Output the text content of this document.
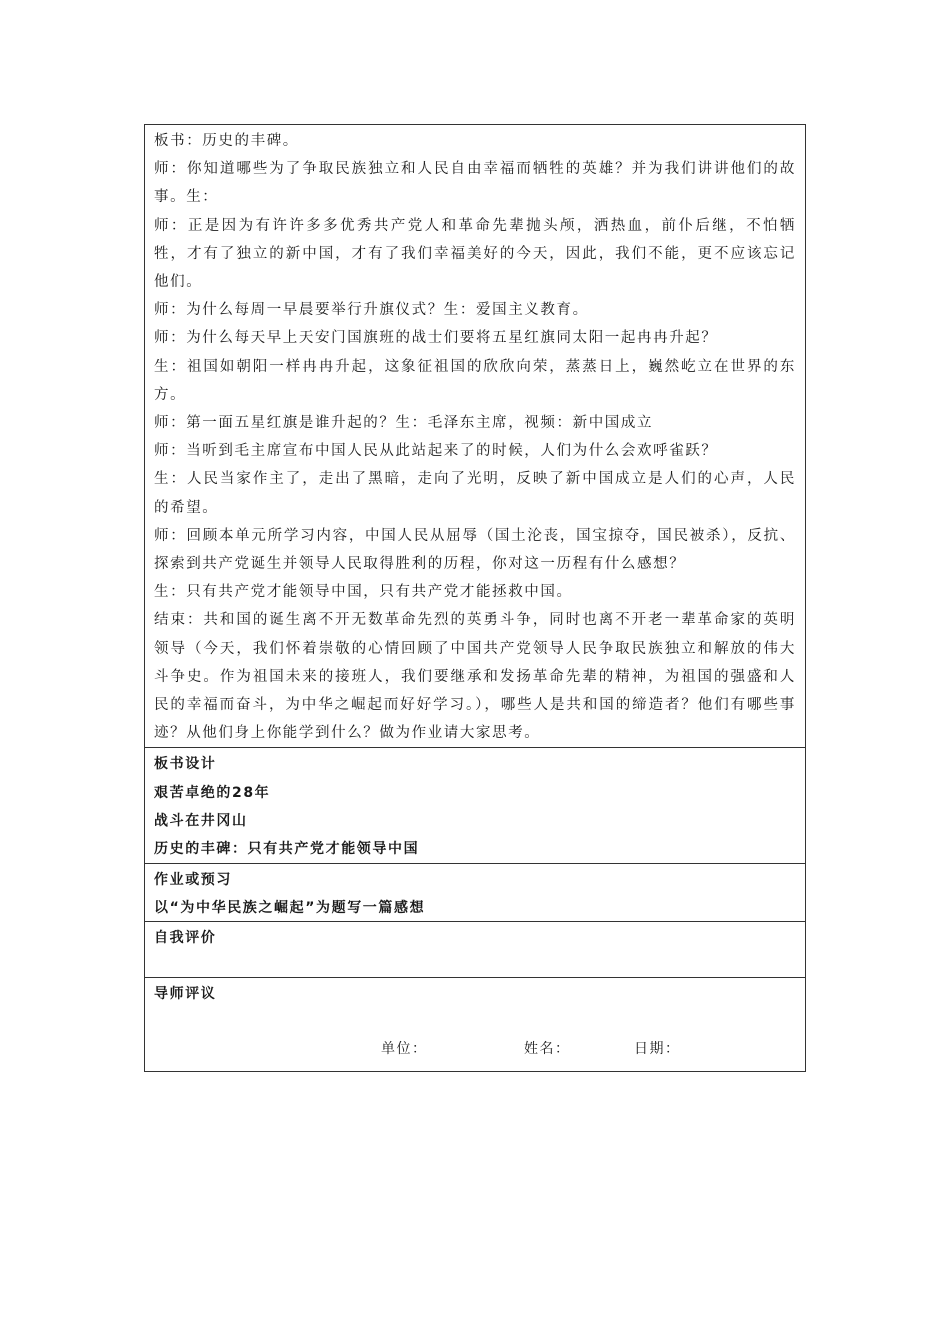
板书：历史的丰碑。

师：你知道哪些为了争取民族独立和人民自由幸福而牺牲的英雄？并为我们讲讲他们的故事。生：

师：正是因为有许许多多优秀共产党人和革命先辈抛头颅，洒热血，前仆后继，不怕牺牲，才有了独立的新中国，才有了我们幸福美好的今天，因此，我们不能，更不应该忘记他们。

师：为什么每周一早晨要举行升旗仪式？生：爱国主义教育。

师：为什么每天早上天安门国旗班的战士们要将五星红旗同太阳一起冉冉升起？

生：祖国如朝阳一样冉冉升起，这象征祖国的欣欣向荣，蒸蒸日上，巍然屹立在世界的东方。

师：第一面五星红旗是谁升起的？生：毛泽东主席，视频：新中国成立

师：当听到毛主席宣布中国人民从此站起来了的时候，人们为什么会欢呼雀跃？

生：人民当家作主了，走出了黑暗，走向了光明，反映了新中国成立是人们的心声，人民的希望。

师：回顾本单元所学习内容，中国人民从屈辱（国土沦丧，国宝掠夺，国民被杀），反抗、探索到共产党诞生并领导人民取得胜利的历程，你对这一历程有什么感想？

生：只有共产党才能领导中国，只有共产党才能拯救中国。

结束：共和国的诞生离不开无数革命先烈的英勇斗争，同时也离不开老一辈革命家的英明领导（今天，我们怀着崇敬的心情回顾了中国共产党领导人民争取民族独立和解放的伟大斗争史。作为祖国未来的接班人，我们要继承和发扬革命先辈的精神，为祖国的强盛和人民的幸福而奋斗，为中华之崛起而好好学习。），哪些人是共和国的缔造者？他们有哪些事迹？从他们身上你能学到什么？做为作业请大家思考。

板书设计

艰苦卓绝的28年

战斗在井冈山

历史的丰碑：只有共产党才能领导中国

作业或预习

以“为中华民族之崛起”为题写一篇感想

自我评价

导师评议

单位：	姓名：	日期：
